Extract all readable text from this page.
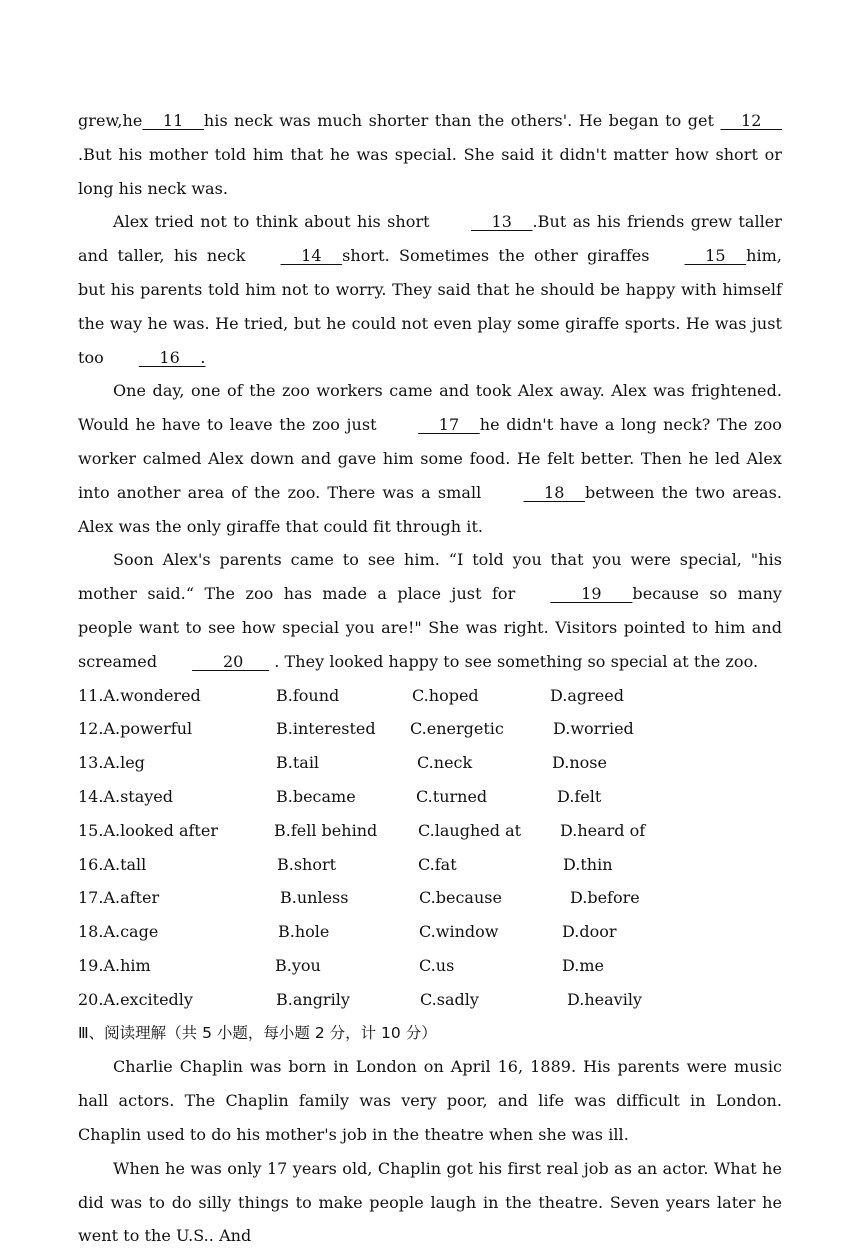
grew,he    11    his neck was much shorter than the others'. He began to get     12    .But his mother told him that he was special. She said it didn't matter how short or long his neck was.

Alex tried not to think about his short     13    .But as his friends grew taller and taller, his neck    14    short. Sometimes the other giraffes    15    him, but his parents told him not to worry. They said that he should be happy with himself the way he was. He tried, but he could not even play some giraffe sports. He was just too    16    .

One day, one of the zoo workers came and took Alex away. Alex was frightened. Would he have to leave the zoo just     17    he didn't have a long neck? The zoo worker calmed Alex down and gave him some food. He felt better. Then he led Alex into another area of the zoo. There was a small     18    between the two areas. Alex was the only giraffe that could fit through it.

Soon Alex's parents came to see him. “I told you that you were special, "his mother said.“ The zoo has made a place just for      19      because so many people want to see how special you are!" She was right. Visitors pointed to him and screamed      20      . They looked happy to see something so special at the zoo.

11.A.wondered	B.found	C.hoped	D.agreed
12.A.powerful	B.interested C.energetic	D.worried
13.A.leg	B.tail	C.neck	D.nose
14.A.stayed	B.became	C.turned	D.felt
15.A.looked after	B.fell behind	C.laughed at D.heard of
16.A.tall	B.short	C.fat	D.thin
17.A.after	B.unless	C.because	D.before
18.A.cage	B.hole	C.window	D.door
19.A.him	B.you	C.us	D.me
20.A.excitedly	B.angrily	C.sadly	D.heavily

Ⅲ、阅读理解（共 5 小题，每小题 2 分，计 10 分）

Charlie Chaplin was born in London on April 16, 1889. His parents were music hall actors. The Chaplin family was very poor, and life was difficult in London. Chaplin used to do his mother's job in the theatre when she was ill.

When he was only 17 years old, Chaplin got his first real job as an actor. What he did was to do silly things to make people laugh in the theatre. Seven years later he went to the U.S.. And
